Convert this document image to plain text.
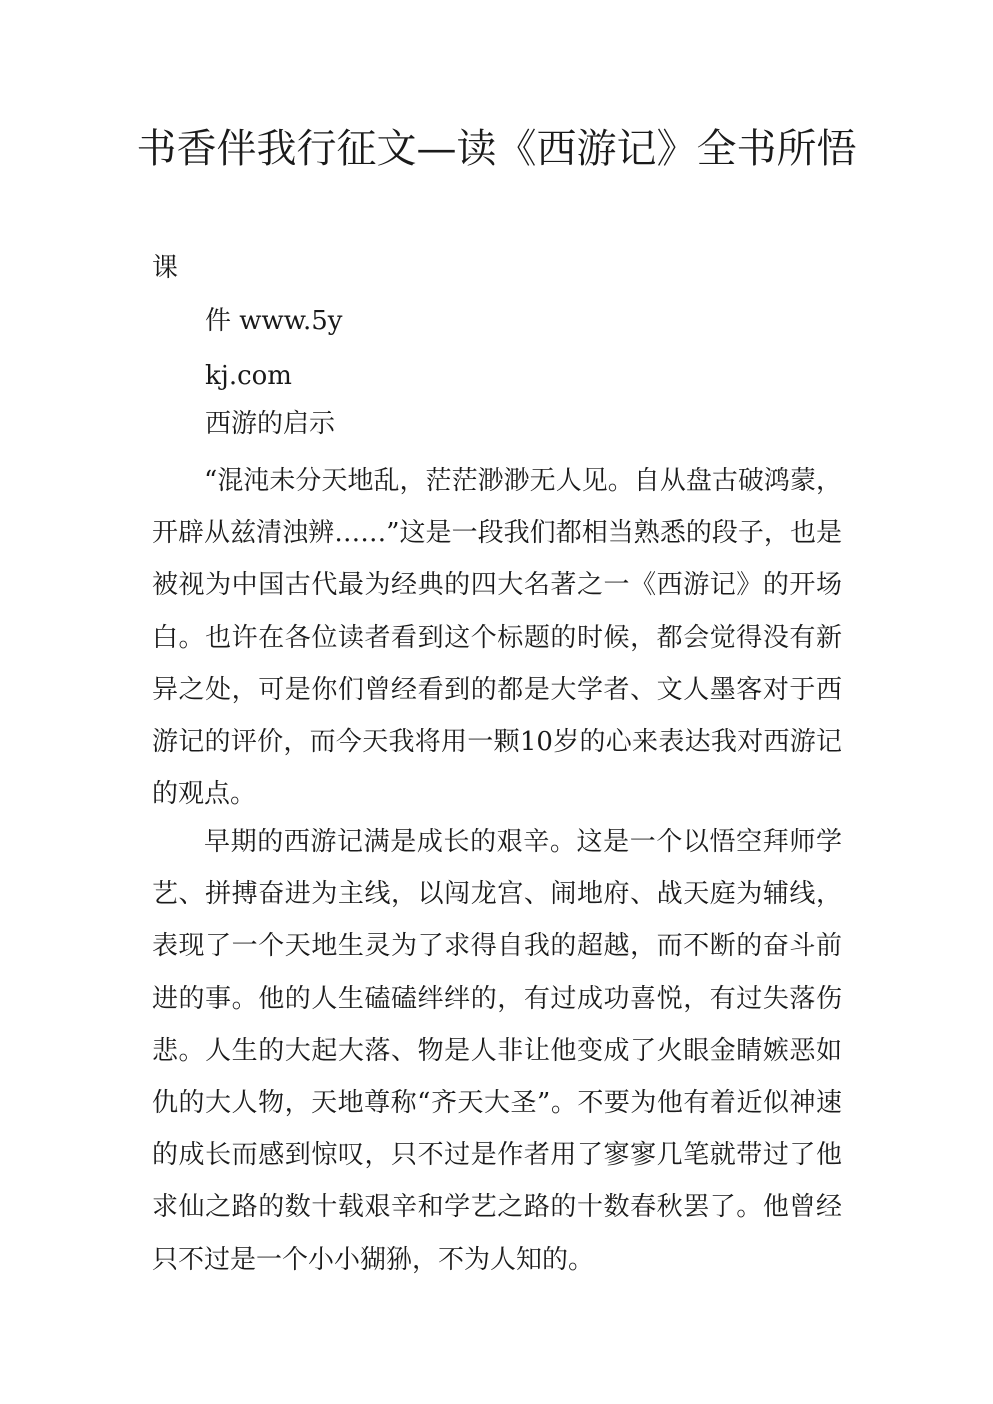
书香伴我行征文—读《西游记》全书所悟

课

件 www.5y

kj.com

西游的启示

“混沌未分天地乱，茫茫渺渺无人见。自从盘古破鸿蒙，开辟从兹清浊辨……”这是一段我们都相当熟悉的段子，也是被视为中国古代最为经典的四大名著之一《西游记》的开场白。也许在各位读者看到这个标题的时候，都会觉得没有新异之处，可是你们曾经看到的都是大学者、文人墨客对于西游记的评价，而今天我将用一颗10岁的心来表达我对西游记的观点。

早期的西游记满是成长的艰辛。这是一个以悟空拜师学艺、拼搏奋进为主线，以闯龙宫、闹地府、战天庭为辅线，表现了一个天地生灵为了求得自我的超越，而不断的奋斗前进的事。他的人生磕磕绊绊的，有过成功喜悦，有过失落伤悲。人生的大起大落、物是人非让他变成了火眼金睛嫉恶如仇的大人物，天地尊称“齐天大圣”。不要为他有着近似神速的成长而感到惊叹，只不过是作者用了寥寥几笔就带过了他求仙之路的数十载艰辛和学艺之路的十数春秋罢了。他曾经只不过是一个小小猢狲，不为人知的。
